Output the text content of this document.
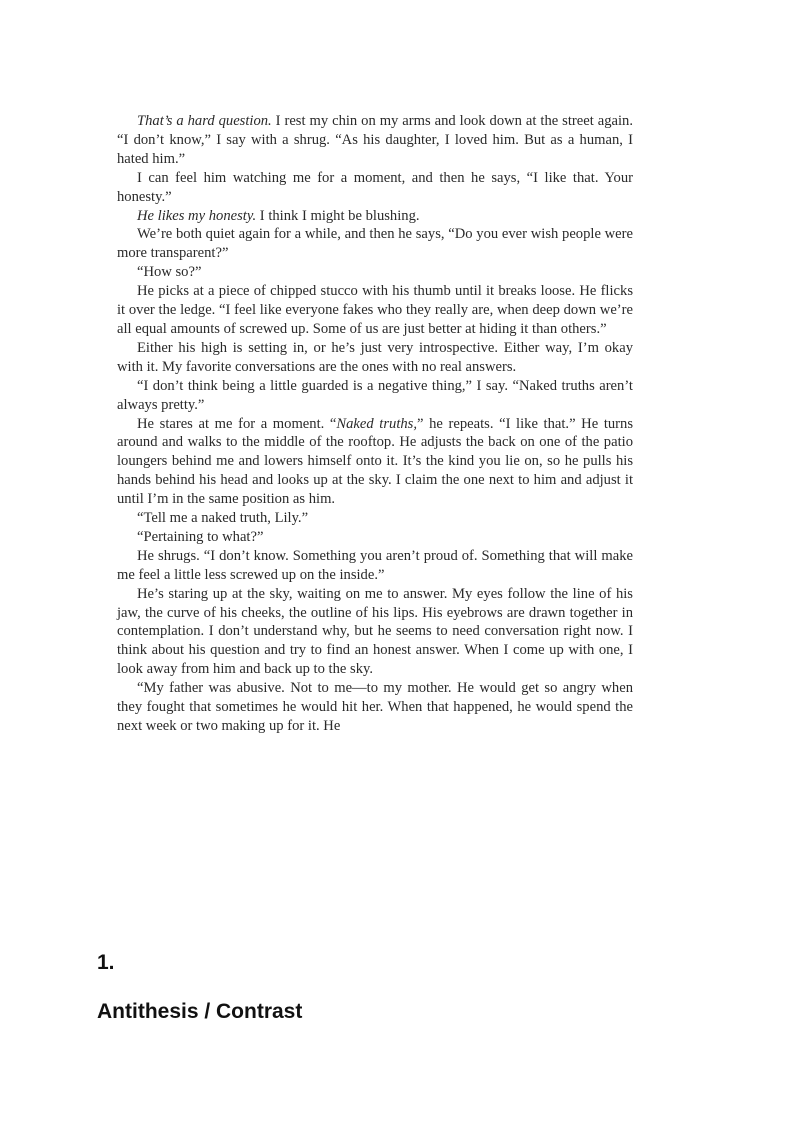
That’s a hard question. I rest my chin on my arms and look down at the street again. “I don’t know,” I say with a shrug. “As his daughter, I loved him. But as a human, I hated him.”

I can feel him watching me for a moment, and then he says, “I like that. Your honesty.”

He likes my honesty. I think I might be blushing.

We’re both quiet again for a while, and then he says, “Do you ever wish people were more transparent?”

“How so?”

He picks at a piece of chipped stucco with his thumb until it breaks loose. He flicks it over the ledge. “I feel like everyone fakes who they really are, when deep down we’re all equal amounts of screwed up. Some of us are just better at hiding it than others.”

Either his high is setting in, or he’s just very introspective. Either way, I’m okay with it. My favorite conversations are the ones with no real answers.

“I don’t think being a little guarded is a negative thing,” I say. “Naked truths aren’t always pretty.”

He stares at me for a moment. “Naked truths,” he repeats. “I like that.” He turns around and walks to the middle of the rooftop. He adjusts the back on one of the patio loungers behind me and lowers himself onto it. It’s the kind you lie on, so he pulls his hands behind his head and looks up at the sky. I claim the one next to him and adjust it until I’m in the same position as him.

“Tell me a naked truth, Lily.”

“Pertaining to what?”

He shrugs. “I don’t know. Something you aren’t proud of. Something that will make me feel a little less screwed up on the inside.”

He’s staring up at the sky, waiting on me to answer. My eyes follow the line of his jaw, the curve of his cheeks, the outline of his lips. His eyebrows are drawn together in contemplation. I don’t understand why, but he seems to need conversation right now. I think about his question and try to find an honest answer. When I come up with one, I look away from him and back up to the sky.

“My father was abusive. Not to me—to my mother. He would get so angry when they fought that sometimes he would hit her. When that happened, he would spend the next week or two making up for it. He

1.
Antithesis / Contrast
